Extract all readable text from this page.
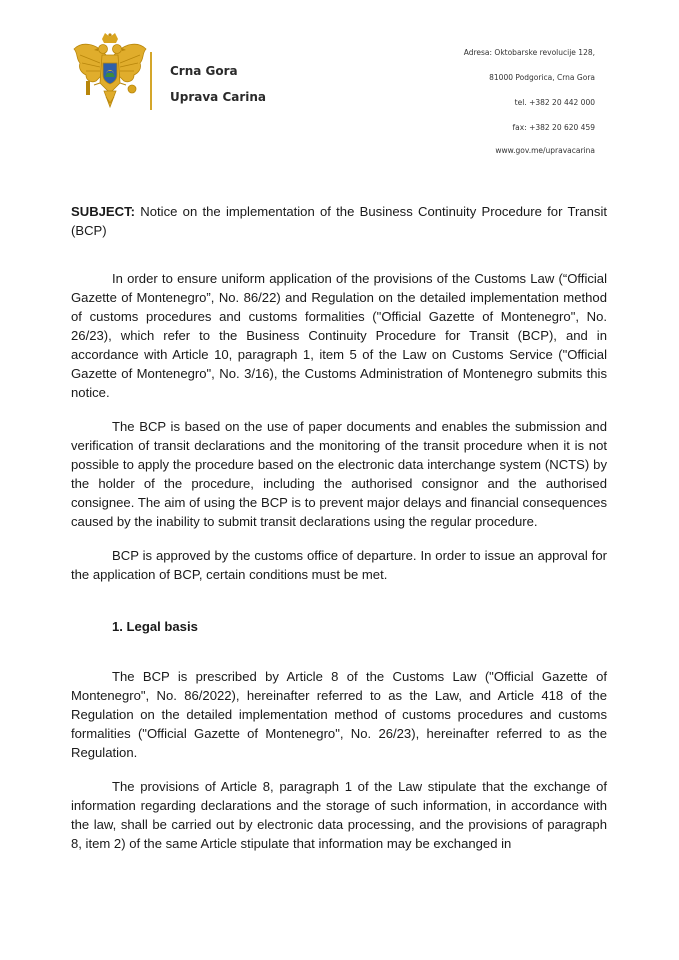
Crna Gora
Uprava Carina
Adresa: Oktobarske revolucije 128,
81000 Podgorica, Crna Gora
tel. +382 20 442 000
fax: +382 20 620 459
www.gov.me/upravacarina

SUBJECT: Notice on the implementation of the Business Continuity Procedure for Transit (BCP)

In order to ensure uniform application of the provisions of the Customs Law (“Official Gazette of Montenegro”, No. 86/22) and Regulation on the detailed implementation method of customs procedures and customs formalities ("Official Gazette of Montenegro", No. 26/23), which refer to the Business Continuity Procedure for Transit (BCP), and in accordance with Article 10, paragraph 1, item 5 of the Law on Customs Service ("Official Gazette of Montenegro", No. 3/16), the Customs Administration of Montenegro submits this notice.

The BCP is based on the use of paper documents and enables the submission and verification of transit declarations and the monitoring of the transit procedure when it is not possible to apply the procedure based on the electronic data interchange system (NCTS) by the holder of the procedure, including the authorised consignor and the authorised consignee. The aim of using the BCP is to prevent major delays and financial consequences caused by the inability to submit transit declarations using the regular procedure.

BCP is approved by the customs office of departure. In order to issue an approval for the application of BCP, certain conditions must be met.

1. Legal basis

The BCP is prescribed by Article 8 of the Customs Law ("Official Gazette of Montenegro", No. 86/2022), hereinafter referred to as the Law, and Article 418 of the Regulation on the detailed implementation method of customs procedures and customs formalities ("Official Gazette of Montenegro", No. 26/23), hereinafter referred to as the Regulation.

The provisions of Article 8, paragraph 1 of the Law stipulate that the exchange of information regarding declarations and the storage of such information, in accordance with the law, shall be carried out by electronic data processing, and the provisions of paragraph 8, item 2) of the same Article stipulate that information may be exchanged in
